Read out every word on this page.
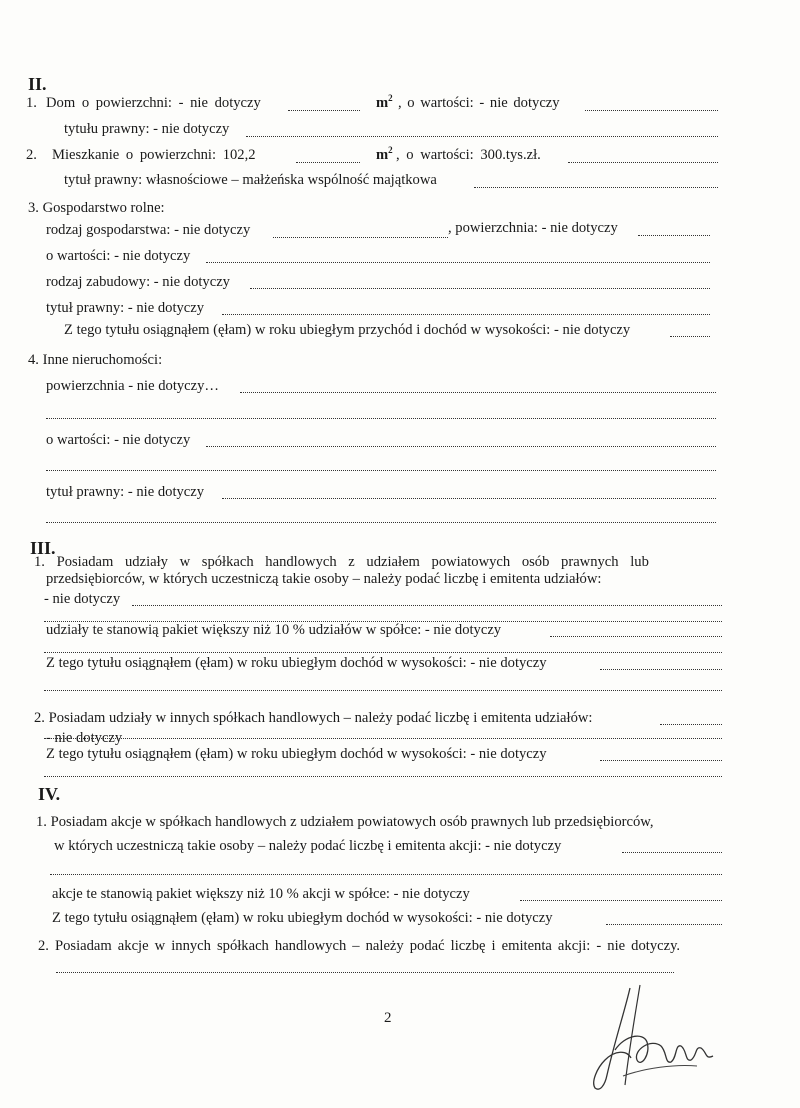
II.
1. Dom o powierzchni: - nie dotyczy	$m^2$ , o wartości: - nie dotyczy
tytułu prawny: - nie dotyczy
2. Mieszkanie o powierzchni: 102,2	$m^2$ , o wartości: 300.tys.zł.
tytuł prawny: własnościowe – małżeńska wspólność majątkowa
3. Gospodarstwo rolne:
rodzaj gospodarstwa: - nie dotyczy	, powierzchnia: - nie dotyczy
o wartości: - nie dotyczy
rodzaj zabudowy: - nie dotyczy
tytuł prawny: - nie dotyczy
Z tego tytułu osiągnąłem (ęłam) w roku ubiegłym przychód i dochód w wysokości: - nie dotyczy
4. Inne nieruchomości:
powierzchnia - nie dotyczy…
o wartości: - nie dotyczy
tytuł prawny: - nie dotyczy
III.
1. Posiadam udziały w spółkach handlowych z udziałem powiatowych osób prawnych lub
przedsiębiorców, w których uczestniczą takie osoby – należy podać liczbę i emitenta udziałów:
- nie dotyczy
udziały te stanowią pakiet większy niż 10 % udziałów w spółce: - nie dotyczy
Z tego tytułu osiągnąłem (ęłam) w roku ubiegłym dochód w wysokości: - nie dotyczy
2. Posiadam udziały w innych spółkach handlowych – należy podać liczbę i emitenta udziałów:
- nie dotyczy
Z tego tytułu osiągnąłem (ęłam) w roku ubiegłym dochód w wysokości: - nie dotyczy
IV.
1. Posiadam akcje w spółkach handlowych z udziałem powiatowych osób prawnych lub przedsiębiorców,
w których uczestniczą takie osoby – należy podać liczbę i emitenta akcji: - nie dotyczy
akcje te stanowią pakiet większy niż 10 % akcji w spółce: - nie dotyczy
Z tego tytułu osiągnąłem (ęłam) w roku ubiegłym dochód w wysokości: - nie dotyczy
2. Posiadam akcje w innych spółkach handlowych – należy podać liczbę i emitenta akcji: - nie dotyczy.
2
